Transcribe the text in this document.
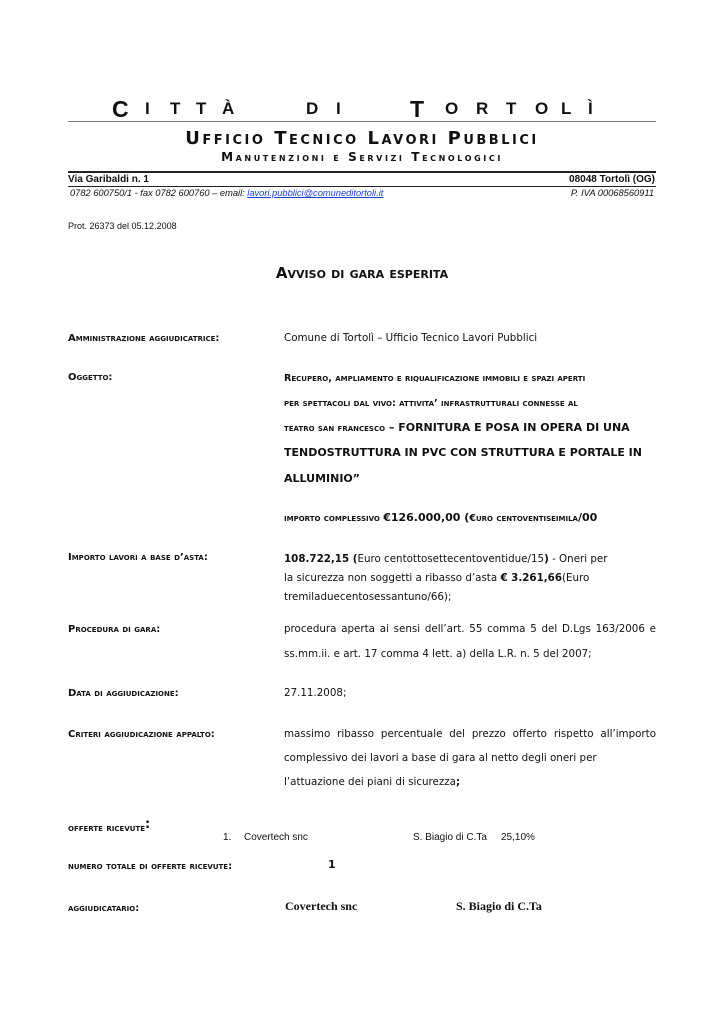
C I T T À	D I	T O R T O L Ì
Ufficio Tecnico Lavori Pubblici
Manutenzioni e Servizi Tecnologici
Via Garibaldi n. 1	08048 Tortolì (OG)
0782 600750/1 - fax 0782 600760 – email: lavori.pubblici@comuneditortoli.it	P. IVA 00068560911
Prot. 26373 del 05.12.2008
Avviso di gara esperita
Amministrazione aggiudicatrice:	Comune di Tortolì – Ufficio Tecnico Lavori Pubblici
Oggetto:	Recupero, ampliamento e riqualificazione immobili e spazi aperti
per spettacoli dal vivo: attivita’ infrastrutturali connesse al
teatro san francesco – FORNITURA E POSA IN OPERA DI UNA
TENDOSTRUTTURA IN PVC CON STRUTTURA E PORTALE IN
ALLUMINIO”
importo complessivo €126.000,00 (€uro centoventiseimila/00
Importo lavori a base d’asta:	108.722,15 (Euro centottosettecentoventidue/15) - Oneri per
la sicurezza non soggetti a ribasso d’asta € 3.261,66(Euro
tremiladuecentosessantuno/66);
Procedura di gara:	procedura aperta ai sensi dell’art. 55 comma 5 del D.Lgs 163/2006 e
ss.mm.ii. e art. 17 comma 4 lett. a) della L.R. n. 5 del 2007;
Data di aggiudicazione:	27.11.2008;
Criteri aggiudicazione appalto:	massimo ribasso percentuale del prezzo offerto rispetto all’importo
complessivo dei lavori a base di gara al netto degli oneri per
l’attuazione dei piani di sicurezza;
offerte ricevute:
1. Covertech snc	S. Biagio di C.Ta 25,10%
numero totale di offerte ricevute:	1
aggiudicatario:	Covertech snc	S. Biagio di C.Ta
